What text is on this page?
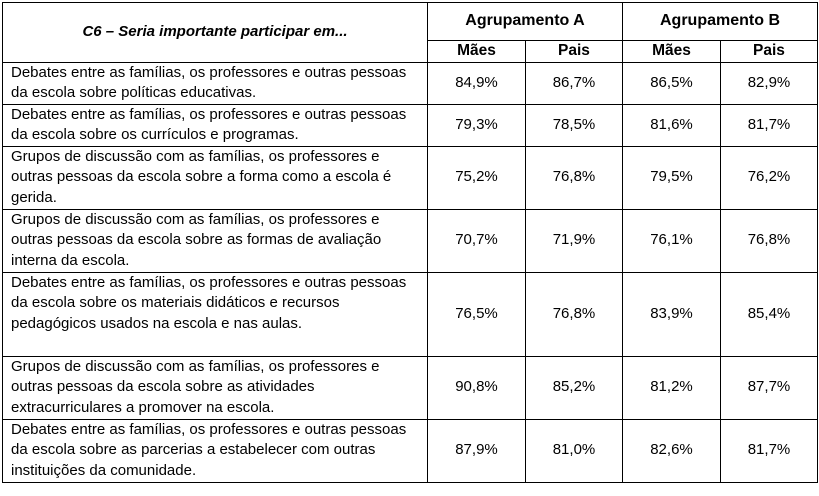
C6 – Seria importante participar em...	Agrupamento A		Agrupamento B	
	Mães	Pais	Mães	Pais
Debates entre as famílias, os professores e outras pessoas da escola sobre políticas educativas.	84,9%	86,7%	86,5%	82,9%
Debates entre as famílias, os professores e outras pessoas da escola sobre os currículos e programas.	79,3%	78,5%	81,6%	81,7%
Grupos de discussão com as famílias, os professores e outras pessoas da escola sobre a forma como a escola é gerida.	75,2%	76,8%	79,5%	76,2%
Grupos de discussão com as famílias, os professores e outras pessoas da escola sobre as formas de avaliação interna da escola.	70,7%	71,9%	76,1%	76,8%
Debates entre as famílias, os professores e outras pessoas da escola sobre os materiais didáticos e recursos pedagógicos usados na escola e nas aulas.	76,5%	76,8%	83,9%	85,4%
Grupos de discussão com as famílias, os professores e outras pessoas da escola sobre as atividades extracurriculares a promover na escola.	90,8%	85,2%	81,2%	87,7%
Debates entre as famílias, os professores e outras pessoas da escola sobre as parcerias a estabelecer com outras instituições da comunidade.	87,9%	81,0%	82,6%	81,7%
